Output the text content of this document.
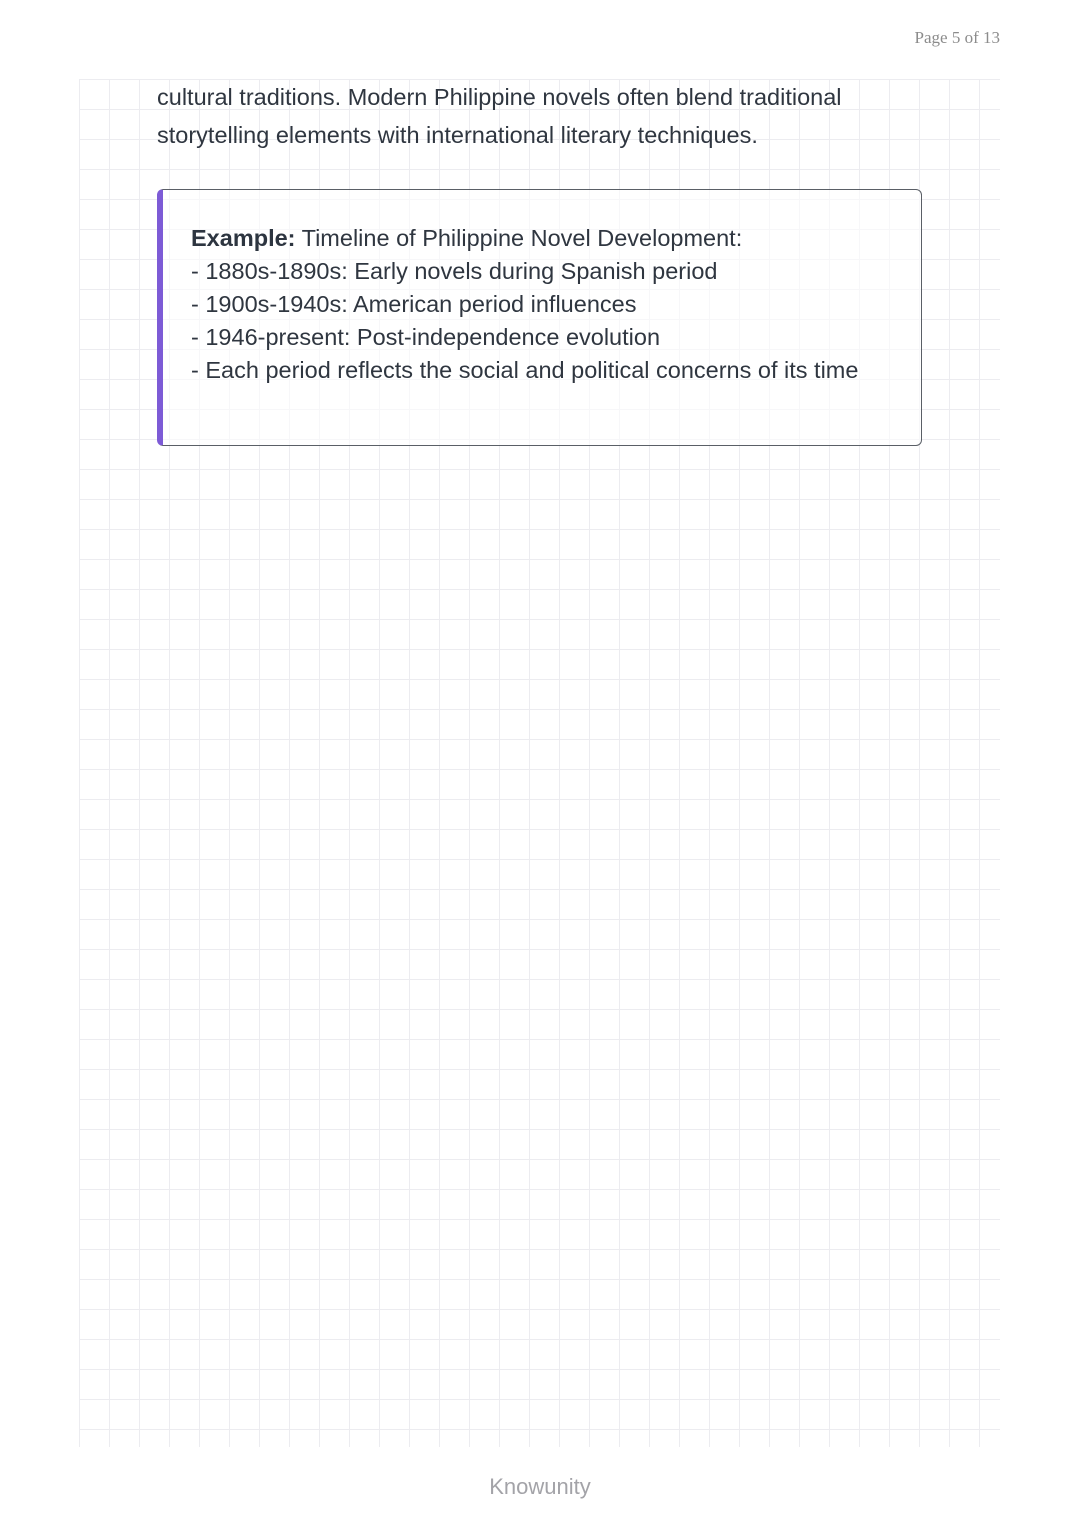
Page 5 of 13

cultural traditions. Modern Philippine novels often blend traditional storytelling elements with international literary techniques.

Example: Timeline of Philippine Novel Development:
- 1880s-1890s: Early novels during Spanish period
- 1900s-1940s: American period influences
- 1946-present: Post-independence evolution
- Each period reflects the social and political concerns of its time
Knowunity
